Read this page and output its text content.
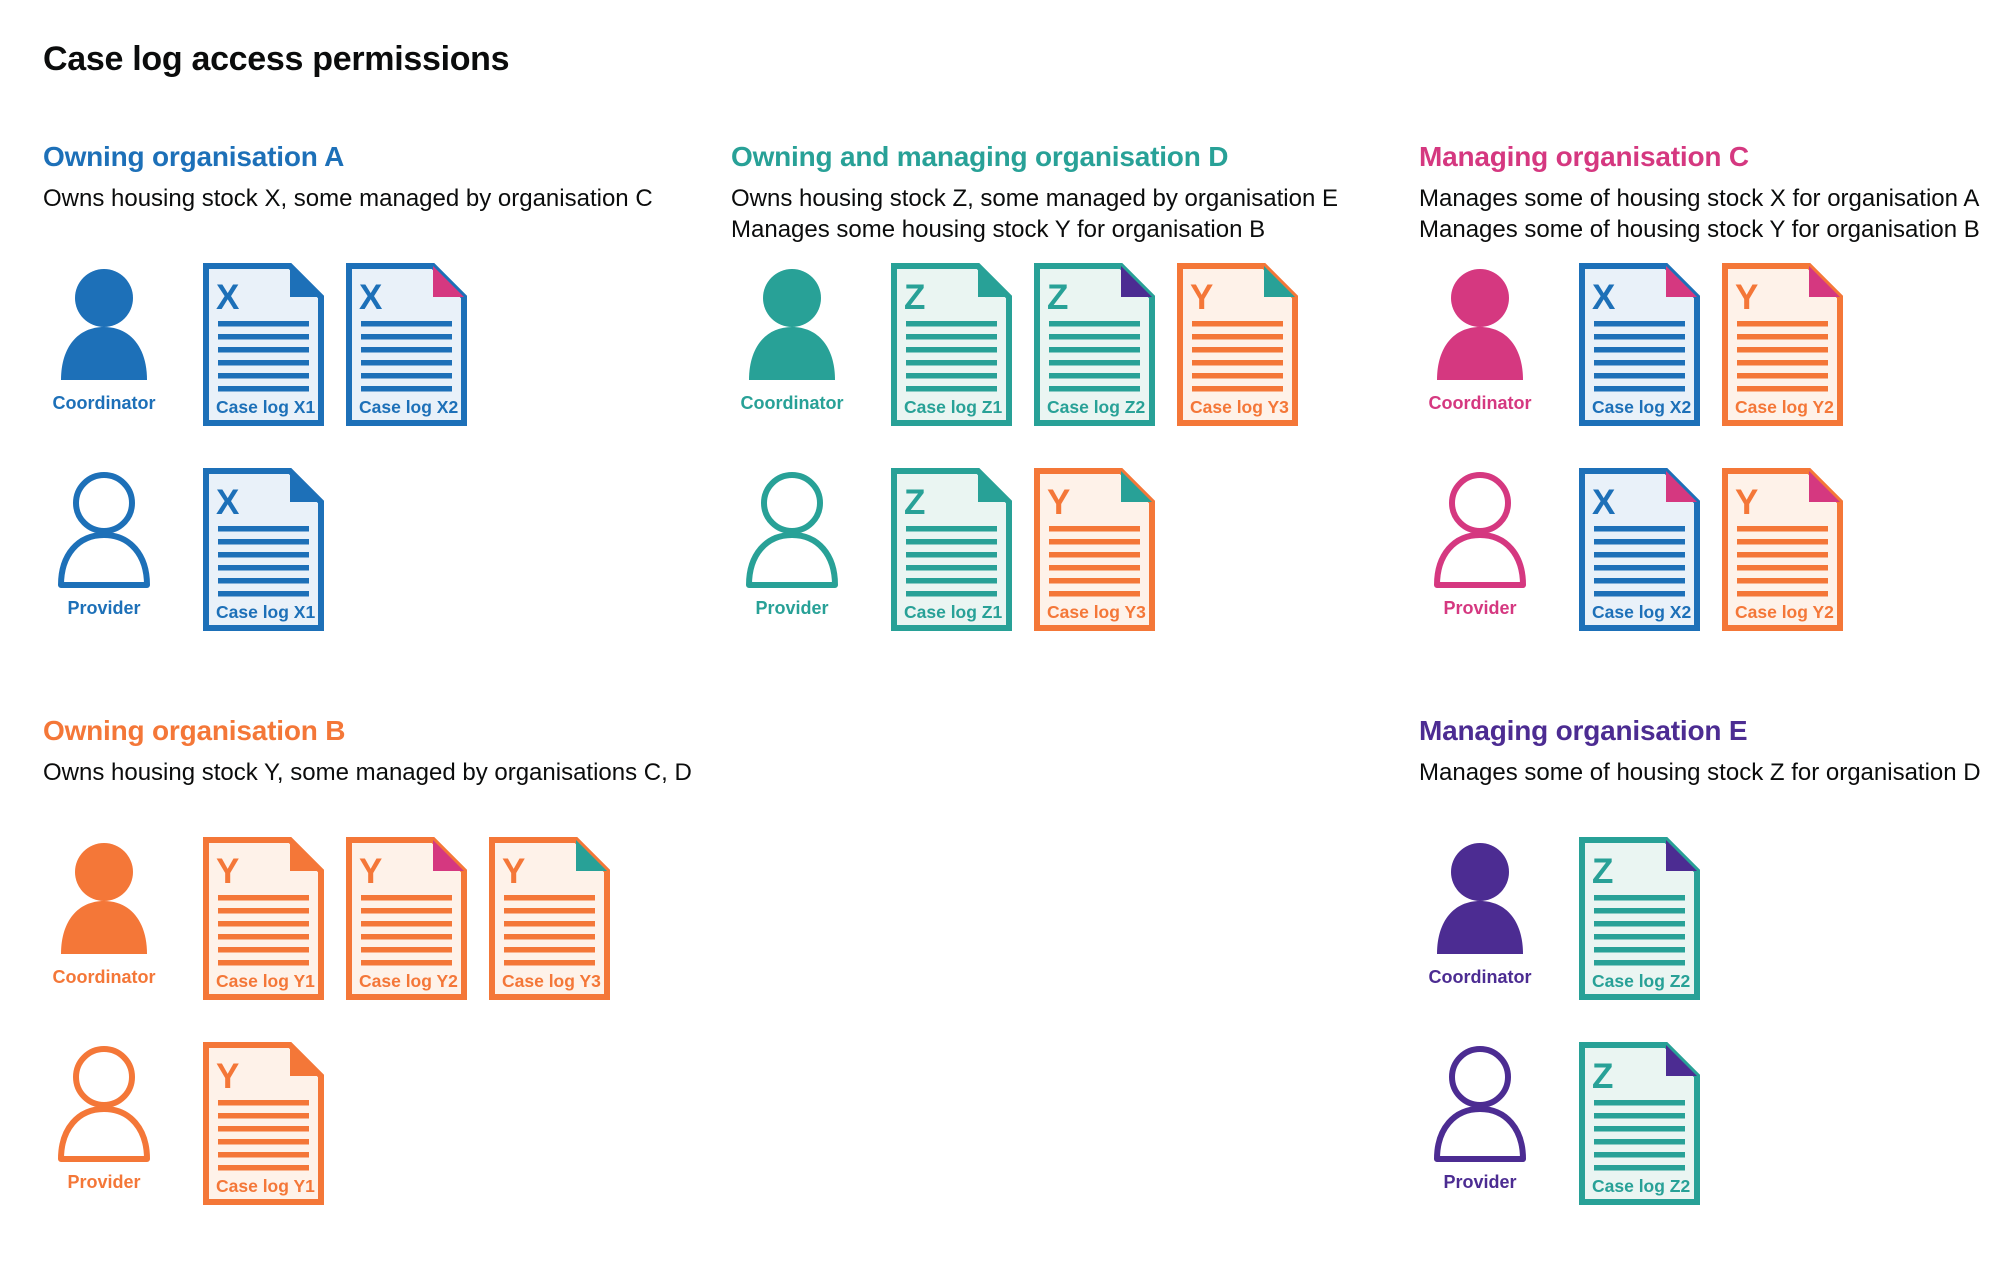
Case log access permissions
Owning organisation A
Owns housing stock X, some managed by organisation C
Coordinator
X
Case log X1
X
Case log X2
Provider
X
Case log X1
Owning organisation B
Owns housing stock Y, some managed by organisations C, D
Coordinator
Y
Case log Y1
Y
Case log Y2
Y
Case log Y3
Provider
Y
Case log Y1
Owning and managing organisation D
Owns housing stock Z, some managed by organisation E
Manages some housing stock Y for organisation B
Coordinator
Z
Case log Z1
Z
Case log Z2
Y
Case log Y3
Provider
Z
Case log Z1
Y
Case log Y3
Managing organisation C
Manages some of housing stock X for organisation A
Manages some of housing stock Y for organisation B
Coordinator
X
Case log X2
Y
Case log Y2
Provider
X
Case log X2
Y
Case log Y2
Managing organisation E
Manages some of housing stock Z for organisation D
Coordinator
Z
Case log Z2
Provider
Z
Case log Z2
